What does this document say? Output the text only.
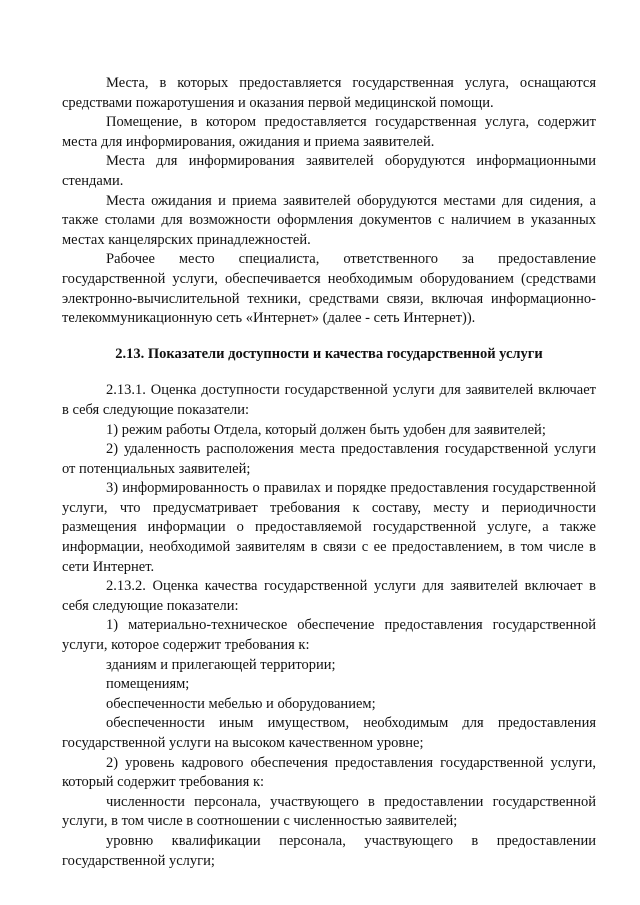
Места, в которых предоставляется государственная услуга, оснащаются средствами пожаротушения и оказания первой медицинской помощи.

Помещение, в котором предоставляется государственная услуга, содержит места для информирования, ожидания и приема заявителей.

Места для информирования заявителей оборудуются информационными стендами.

Места ожидания и приема заявителей оборудуются местами для сидения, а также столами для возможности оформления документов с наличием в указанных местах канцелярских принадлежностей.

Рабочее место специалиста, ответственного за предоставление государственной услуги, обеспечивается необходимым оборудованием (средствами электронно-вычислительной техники, средствами связи, включая информационно-телекоммуникационную сеть «Интернет» (далее - сеть Интернет)).

2.13. Показатели доступности и качества государственной услуги

2.13.1. Оценка доступности государственной услуги для заявителей включает в себя следующие показатели:

1) режим работы Отдела, который должен быть удобен для заявителей;

2) удаленность расположения места предоставления государственной услуги от потенциальных заявителей;

3) информированность о правилах и порядке предоставления государственной услуги, что предусматривает требования к составу, месту и периодичности размещения информации о предоставляемой государственной услуге, а также информации, необходимой заявителям в связи с ее предоставлением, в том числе в сети Интернет.

2.13.2. Оценка качества государственной услуги для заявителей включает в себя следующие показатели:

1) материально-техническое обеспечение предоставления государственной услуги, которое содержит требования к:

зданиям и прилегающей территории;

помещениям;

обеспеченности мебелью и оборудованием;

обеспеченности иным имуществом, необходимым для предоставления государственной услуги на высоком качественном уровне;

2) уровень кадрового обеспечения предоставления государственной услуги, который содержит требования к:

численности персонала, участвующего в предоставлении государственной услуги, в том числе в соотношении с численностью заявителей;

уровню квалификации персонала, участвующего в предоставлении государственной услуги;
